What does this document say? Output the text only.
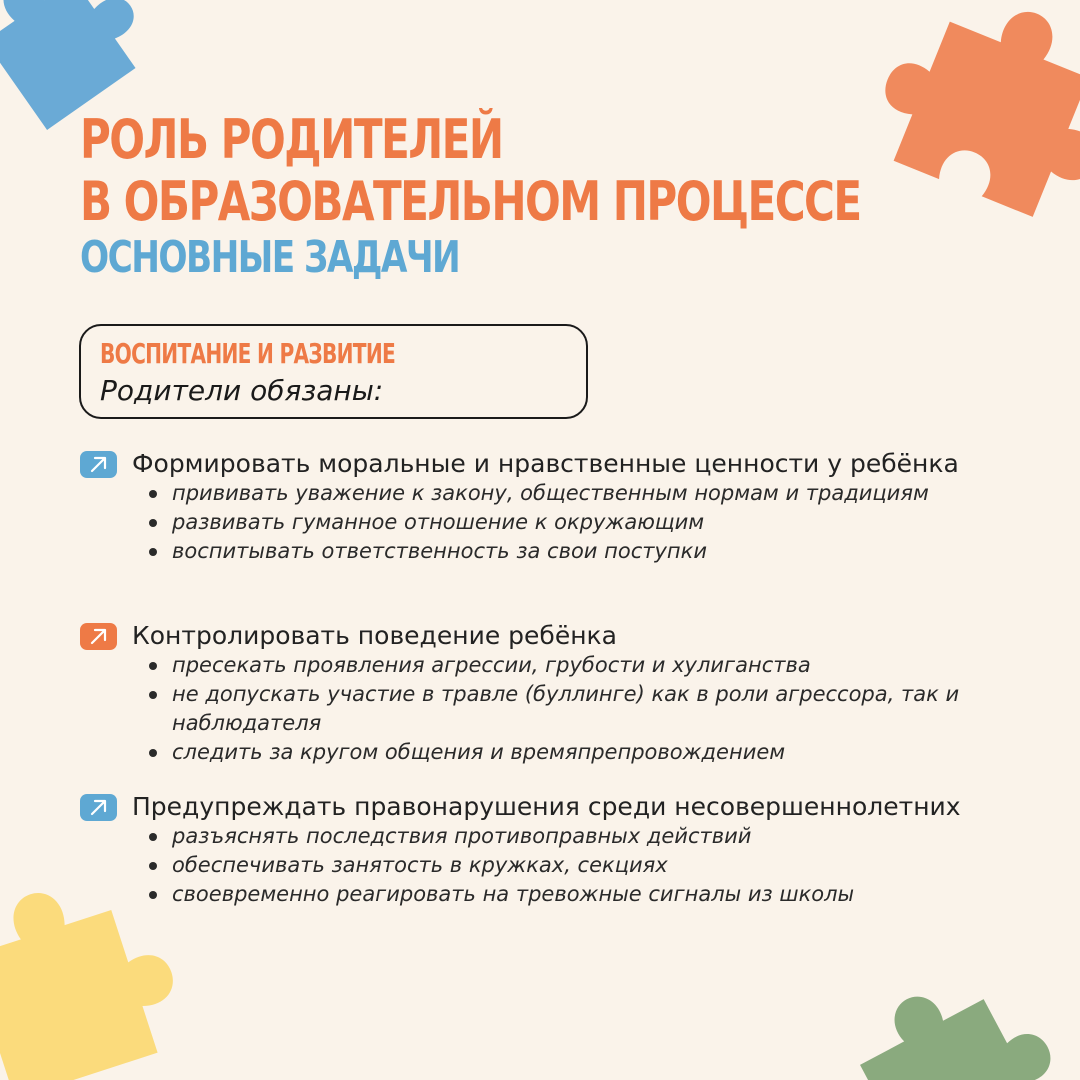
РОЛЬ РОДИТЕЛЕЙ
В ОБРАЗОВАТЕЛЬНОМ ПРОЦЕССЕ
ОСНОВНЫЕ ЗАДАЧИ
ВОСПИТАНИЕ И РАЗВИТИЕ
Родители обязаны:
Формировать моральные и нравственные ценности у ребёнка
прививать уважение к закону, общественным нормам и традициям
развивать гуманное отношение к окружающим
воспитывать ответственность за свои поступки
Контролировать поведение ребёнка
пресекать проявления агрессии, грубости и хулиганства
не допускать участие в травле (буллинге) как в роли агрессора, так и наблюдателя
следить за кругом общения и времяпрепровождением
Предупреждать правонарушения среди несовершеннолетних
разъяснять последствия противоправных действий
обеспечивать занятость в кружках, секциях
своевременно реагировать на тревожные сигналы из школы
